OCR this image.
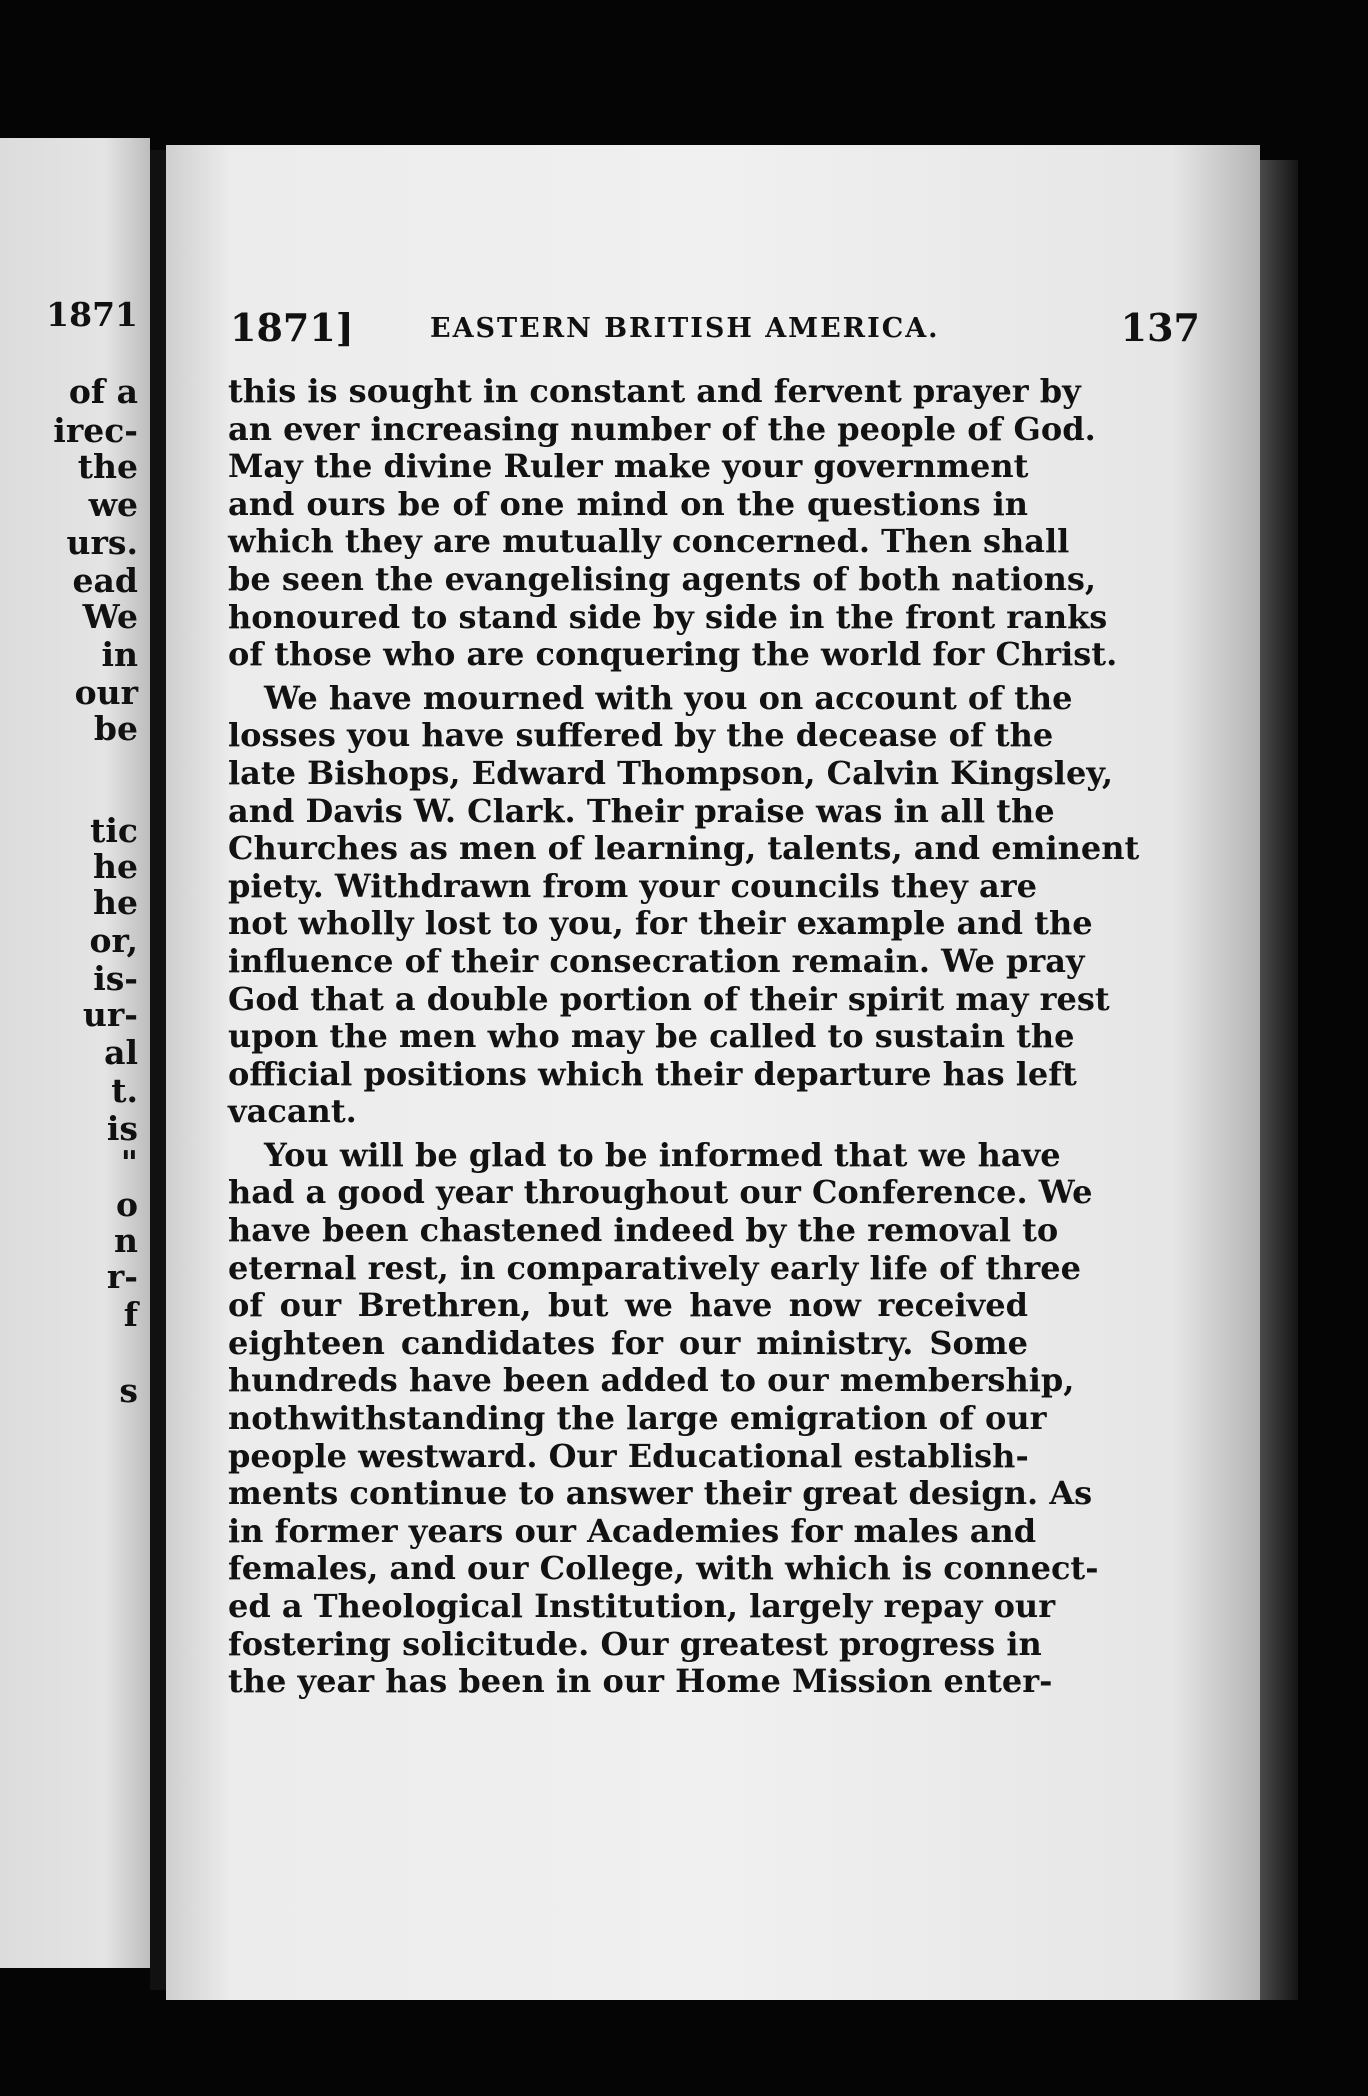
1871
of a
irec-
the
we
urs.
ead
We
in
our
be
tic
he
he
or,
is-
ur-
al
t.
is
"
o
n
r-
f
s
1871]	EASTERN BRITISH AMERICA.	137
this is sought in constant and fervent prayer by
an ever increasing number of the people of God.
May the divine Ruler make your government
and ours be of one mind on the questions in
which they are mutually concerned. Then shall
be seen the evangelising agents of both nations,
honoured to stand side by side in the front ranks
of those who are conquering the world for Christ.
We have mourned with you on account of the
losses you have suffered by the decease of the
late Bishops, Edward Thompson, Calvin Kingsley,
and Davis W. Clark. Their praise was in all the
Churches as men of learning, talents, and eminent
piety. Withdrawn from your councils they are
not wholly lost to you, for their example and the
influence of their consecration remain. We pray
God that a double portion of their spirit may rest
upon the men who may be called to sustain the
official positions which their departure has left
vacant.
You will be glad to be informed that we have
had a good year throughout our Conference. We
have been chastened indeed by the removal to
eternal rest, in comparatively early life of three
of our Brethren, but we have now received
eighteen candidates for our ministry. Some
hundreds have been added to our membership,
nothwithstanding the large emigration of our
people westward. Our Educational establish-
ments continue to answer their great design. As
in former years our Academies for males and
females, and our College, with which is connect-
ed a Theological Institution, largely repay our
fostering solicitude. Our greatest progress in
the year has been in our Home Mission enter-
